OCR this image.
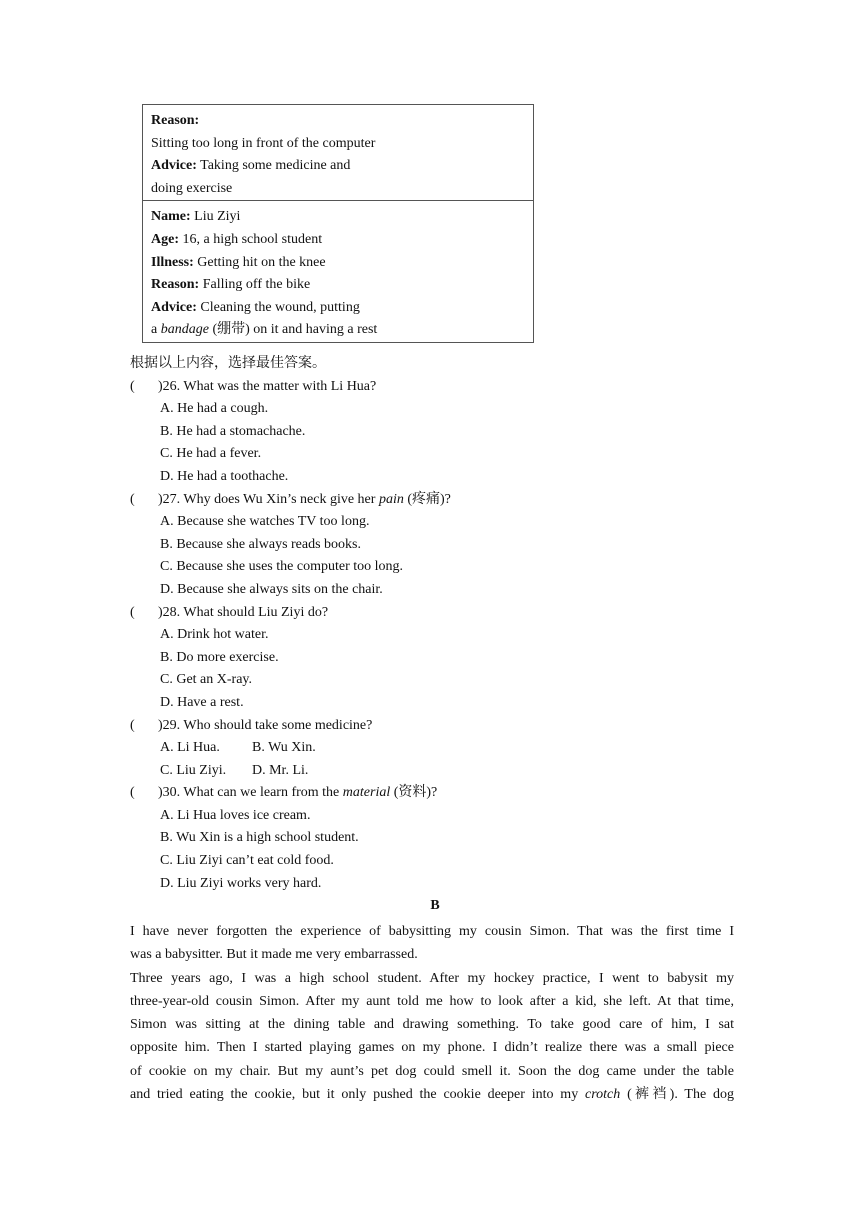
Reason:
Sitting too long in front of the computer
Advice: Taking some medicine and
doing exercise
Name: Liu Ziyi
Age: 16, a high school student
Illness: Getting hit on the knee
Reason: Falling off the bike
Advice: Cleaning the wound, putting
a bandage (绷带) on it and having a rest
根据以上内容，选择最佳答案。
( )26. What was the matter with Li Hua?
A. He had a cough.
B. He had a stomachache.
C. He had a fever.
D. He had a toothache.
( )27. Why does Wu Xin’s neck give her pain (疼痛)?
A. Because she watches TV too long.
B. Because she always reads books.
C. Because she uses the computer too long.
D. Because she always sits on the chair.
( )28. What should Liu Ziyi do?
A. Drink hot water.
B. Do more exercise.
C. Get an X-ray.
D. Have a rest.
( )29. Who should take some medicine?
A. Li Hua. B. Wu Xin.
C. Liu Ziyi. D. Mr. Li.
( )30. What can we learn from the material (资料)?
A. Li Hua loves ice cream.
B. Wu Xin is a high school student.
C. Liu Ziyi can’t eat cold food.
D. Liu Ziyi works very hard.
B
I have never forgotten the experience of babysitting my cousin Simon. That was the first time I
was a babysitter. But it made me very embarrassed.
Three years ago, I was a high school student. After my hockey practice, I went to babysit my
three-year-old cousin Simon. After my aunt told me how to look after a kid, she left. At that time,
Simon was sitting at the dining table and drawing something. To take good care of him, I sat
opposite him. Then I started playing games on my phone. I didn’t realize there was a small piece
of cookie on my chair. But my aunt’s pet dog could smell it. Soon the dog came under the table
and tried eating the cookie, but it only pushed the cookie deeper into my crotch (裤裆). The dog
